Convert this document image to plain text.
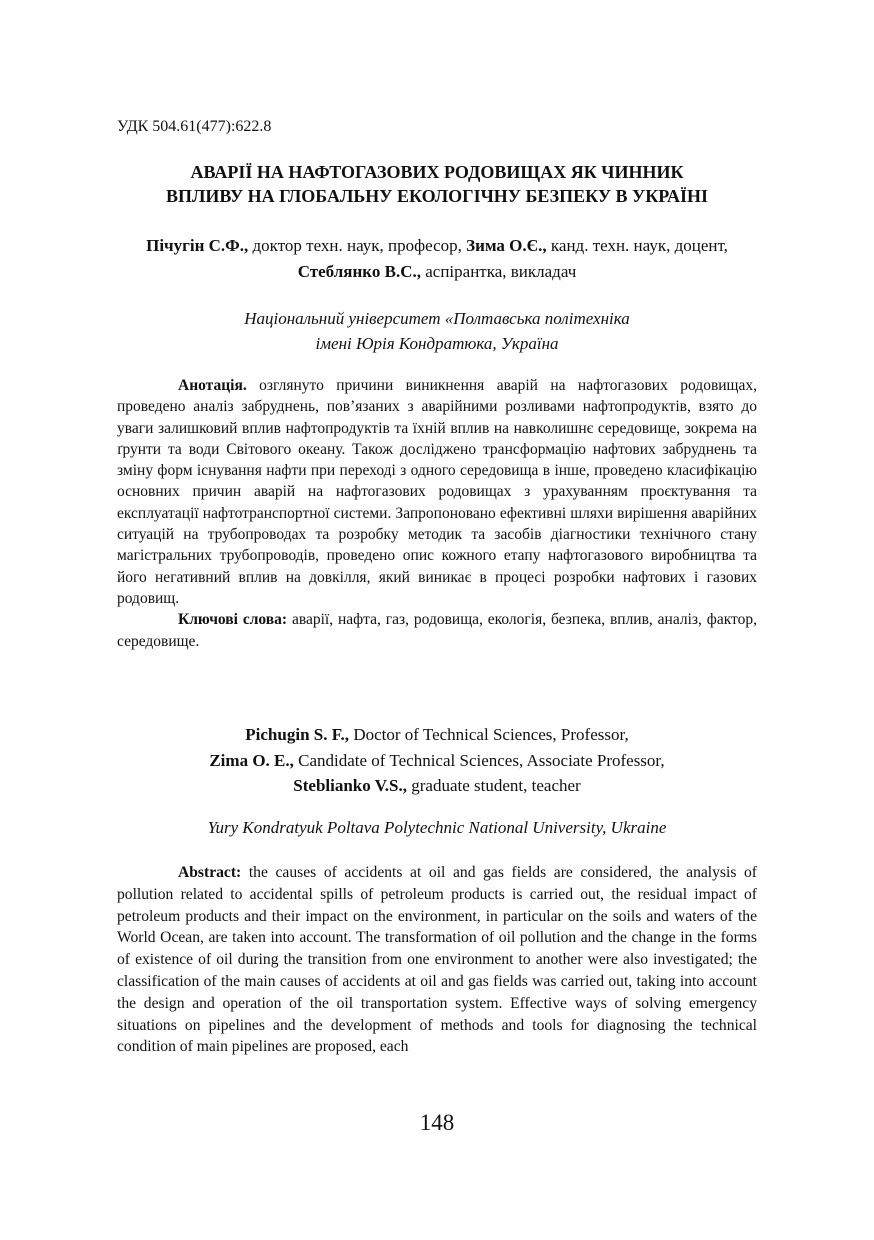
УДК 504.61(477):622.8
АВАРІЇ НА НАФТОГАЗОВИХ РОДОВИЩАХ ЯК ЧИННИК
ВПЛИВУ НА ГЛОБАЛЬНУ ЕКОЛОГІЧНУ БЕЗПЕКУ В УКРАЇНІ
Пічугін С.Ф., доктор техн. наук, професор, Зима О.Є., канд. техн. наук, доцент, Стеблянко В.С., аспірантка, викладач
Національний університет «Полтавська політехніка
імені Юрія Кондратюка, Україна

Анотація. озглянуто причини виникнення аварій на нафтогазових родовищах, проведено аналіз забруднень, пов’язаних з аварійними розливами нафтопродуктів, взято до уваги залишковий вплив нафтопродуктів та їхній вплив на навколишнє середовище, зокрема на ґрунти та води Світового океану. Також досліджено трансформацію нафтових забруднень та зміну форм існування нафти при переході з одного середовища в інше, проведено класифікацію основних причин аварій на нафтогазових родовищах з урахуванням проєктування та експлуатації нафтотранспортної системи. Запропоновано ефективні шляхи вирішення аварійних ситуацій на трубопроводах та розробку методик та засобів діагностики технічного стану магістральних трубопроводів, проведено опис кожного етапу нафтогазового виробництва та його негативний вплив на довкілля, який виникає в процесі розробки нафтових і газових родовищ.

Ключові слова: аварії, нафта, газ, родовища, екологія, безпека, вплив, аналіз, фактор, середовище.

Pichugin S. F., Doctor of Technical Sciences, Professor,
Zima O. E., Candidate of Technical Sciences, Associate Professor,
Steblianko V.S., graduate student, teacher
Yury Kondratyuk Poltava Polytechnic National University, Ukraine

Abstract: the causes of accidents at oil and gas fields are considered, the analysis of pollution related to accidental spills of petroleum products is carried out, the residual impact of petroleum products and their impact on the environment, in particular on the soils and waters of the World Ocean, are taken into account. The transformation of oil pollution and the change in the forms of existence of oil during the transition from one environment to another were also investigated; the classification of the main causes of accidents at oil and gas fields was carried out, taking into account the design and operation of the oil transportation system. Effective ways of solving emergency situations on pipelines and the development of methods and tools for diagnosing the technical condition of main pipelines are proposed, each

148
